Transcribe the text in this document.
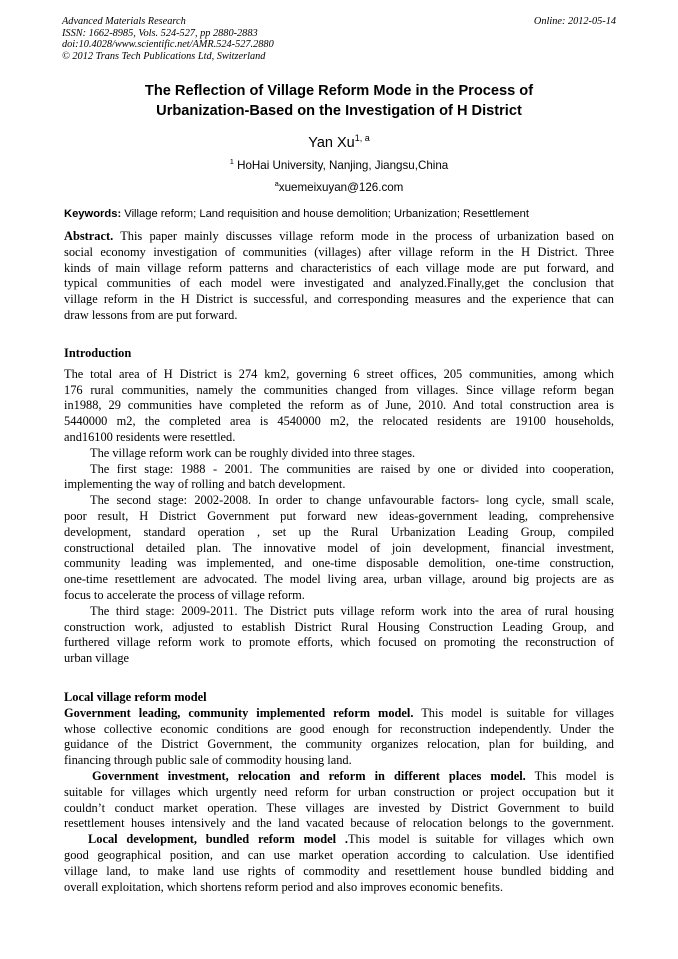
Advanced Materials Research
ISSN: 1662-8985, Vols. 524-527, pp 2880-2883
doi:10.4028/www.scientific.net/AMR.524-527.2880
© 2012 Trans Tech Publications Ltd, Switzerland
Online: 2012-05-14
The Reflection of Village Reform Mode in the Process of
Urbanization-Based on the Investigation of H District
Yan Xu$^{1, a}$
$^1$ HoHai University, Nanjing, Jiangsu,China
$^a$xuemeixuyan@126.com
Keywords: Village reform; Land requisition and house demolition; Urbanization; Resettlement
Abstract. This paper mainly discusses village reform mode in the process of urbanization based on
social economy investigation of communities (villages) after village reform in the H District. Three
kinds of main village reform patterns and characteristics of each village mode are put forward, and
typical communities of each model were investigated and analyzed.Finally,get the conclusion that
village reform in the H District is successful, and corresponding measures and the experience that can
draw lessons from are put forward.
Introduction
The total area of H District is 274 km2, governing 6 street offices, 205 communities, among which
176 rural communities, namely the communities changed from villages. Since village reform began
in1988, 29 communities have completed the reform as of June, 2010. And total construction area is
5440000 m2, the completed area is 4540000 m2, the relocated residents are 19100 households,
and16100 residents were resettled.
The village reform work can be roughly divided into three stages.
The first stage: 1988 - 2001. The communities are raised by one or divided into cooperation,
implementing the way of rolling and batch development.
The second stage: 2002-2008. In order to change unfavourable factors- long cycle, small scale,
poor result, H District Government put forward new ideas-government leading, comprehensive
development, standard operation , set up the Rural Urbanization Leading Group, compiled
constructional detailed plan. The innovative model of join development, financial investment,
community leading was implemented, and one-time disposable demolition, one-time construction,
one-time resettlement are advocated. The model living area, urban village, around big projects are as
focus to accelerate the process of village reform.
The third stage: 2009-2011. The District puts village reform work into the area of rural housing
construction work, adjusted to establish District Rural Housing Construction Leading Group, and
furthered village reform work to promote efforts, which focused on promoting the reconstruction of
urban village
Local village reform model
Government leading, community implemented reform model. This model is suitable for villages
whose collective economic conditions are good enough for reconstruction independently. Under the
guidance of the District Government, the community organizes relocation, plan for building, and
financing through public sale of commodity housing land.
Government investment, relocation and reform in different places model. This model is
suitable for villages which urgently need reform for urban construction or project occupation but it
couldn’t conduct market operation. These villages are invested by District Government to build
resettlement houses intensively and the land vacated because of relocation belongs to the government.
Local development, bundled reform model .This model is suitable for villages which own
good geographical position, and can use market operation according to calculation. Use identified
village land, to make land use rights of commodity and resettlement house bundled bidding and
overall exploitation, which shortens reform period and also improves economic benefits.
